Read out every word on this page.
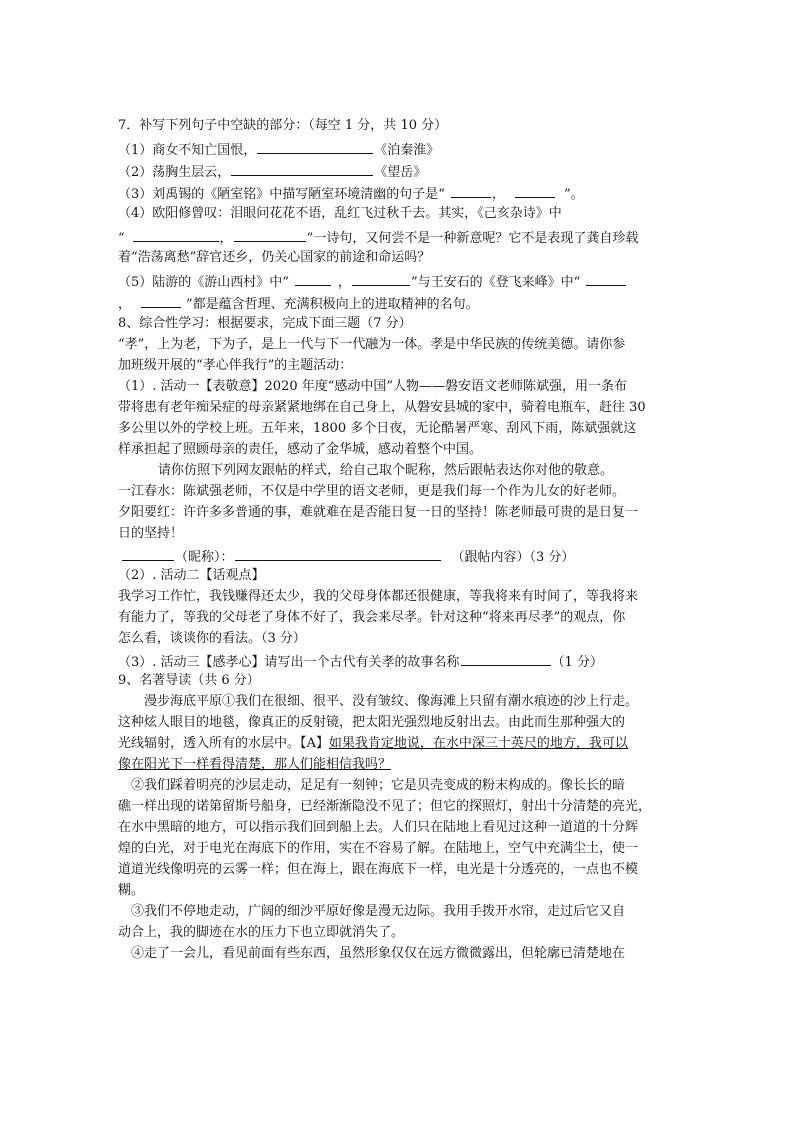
7．补写下列句子中空缺的部分：（每空 1 分，共 10 分）
（1）商女不知亡国恨，	《泊秦淮》
（2）荡胸生层云，	《望岳》
（3）刘禹锡的《陋室铭》中描写陋室环境清幽的句子是“	，	”。
（4）欧阳修曾叹：泪眼问花花不语，乱红飞过秋千去。其实，《己亥杂诗》中
“	，	”一诗句，又何尝不是一种新意呢？它不是表现了龚自珍载
着“浩荡离愁”辞官还乡，仍关心国家的前途和命运吗？
（5）陆游的《游山西村》中“	，	”与王安石的《登飞来峰》中“
，	”都是蕴含哲理、充满积极向上的进取精神的名句。
8、综合性学习：根据要求，完成下面三题（7 分）
“孝”，上为老，下为子，是上一代与下一代融为一体。孝是中华民族的传统美德。请你参
加班级开展的“孝心伴我行”的主题活动：
（1）. 活动一【表敬意】2020 年度“感动中国”人物——磐安语文老师陈斌强，用一条布
带将患有老年痴呆症的母亲紧紧地绑在自己身上，从磐安县城的家中，骑着电瓶车，赶往 30
多公里以外的学校上班。五年来，1800 多个日夜，无论酷暑严寒、刮风下雨，陈斌强就这
样承担起了照顾母亲的责任，感动了金华城，感动着整个中国。
请你仿照下列网友跟帖的样式，给自己取个昵称，然后跟帖表达你对他的敬意。
一江春水：陈斌强老师，不仅是中学里的语文老师，更是我们每一个作为儿女的好老师。
夕阳要红：许许多多普通的事，难就难在是否能日复一日的坚持！陈老师最可贵的是日复一
日的坚持！
（昵称）：	（跟帖内容）（3 分）
（2）. 活动二【话观点】
我学习工作忙，我钱赚得还太少，我的父母身体都还很健康，等我将来有时间了，等我将来
有能力了，等我的父母老了身体不好了，我会来尽孝。针对这种“将来再尽孝”的观点，你
怎么看，谈谈你的看法。（3 分）
（3）. 活动三【感孝心】请写出一个古代有关孝的故事名称	（1 分）
9、名著导读（共 6 分）
漫步海底平原①我们在很细、很平、没有皱纹、像海滩上只留有潮水痕迹的沙上行走。
这种炫人眼目的地毯，像真正的反射镜，把太阳光强烈地反射出去。由此而生那种强大的
光线辐射，透入所有的水层中。【A】如果我肯定地说，在水中深三十英尺的地方，我可以
像在阳光下一样看得清楚，那人们能相信我吗？
②我们踩着明亮的沙层走动，足足有一刻钟；它是贝壳变成的粉末构成的。像长长的暗
礁一样出现的诺第留斯号船身，已经渐渐隐没不见了；但它的探照灯，射出十分清楚的亮光，
在水中黑暗的地方，可以指示我们回到船上去。人们只在陆地上看见过这种一道道的十分辉
煌的白光，对于电光在海底下的作用，实在不容易了解。在陆地上，空气中充满尘土，使一
道道光线像明亮的云雾一样；但在海上，跟在海底下一样，电光是十分透亮的，一点也不模
糊。
③我们不停地走动，广阔的细沙平原好像是漫无边际。我用手拨开水帘，走过后它又自
动合上，我的脚迹在水的压力下也立即就消失了。
④走了一会儿，看见前面有些东西，虽然形象仅仅在远方微微露出，但轮廓已清楚地在
